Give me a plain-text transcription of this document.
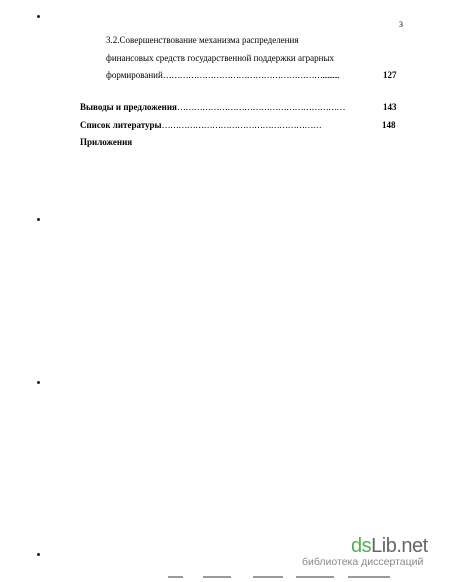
3
3.2.Совершенствование механизма распределения
финансовых средств государственной поддержки аграрных
формирований…………………………………………………..........	127
Выводы и предложения……………………………………………………	143
Список литературы…………………………………………………	148
Приложения
dsLib.net
библиотека диссертаций
